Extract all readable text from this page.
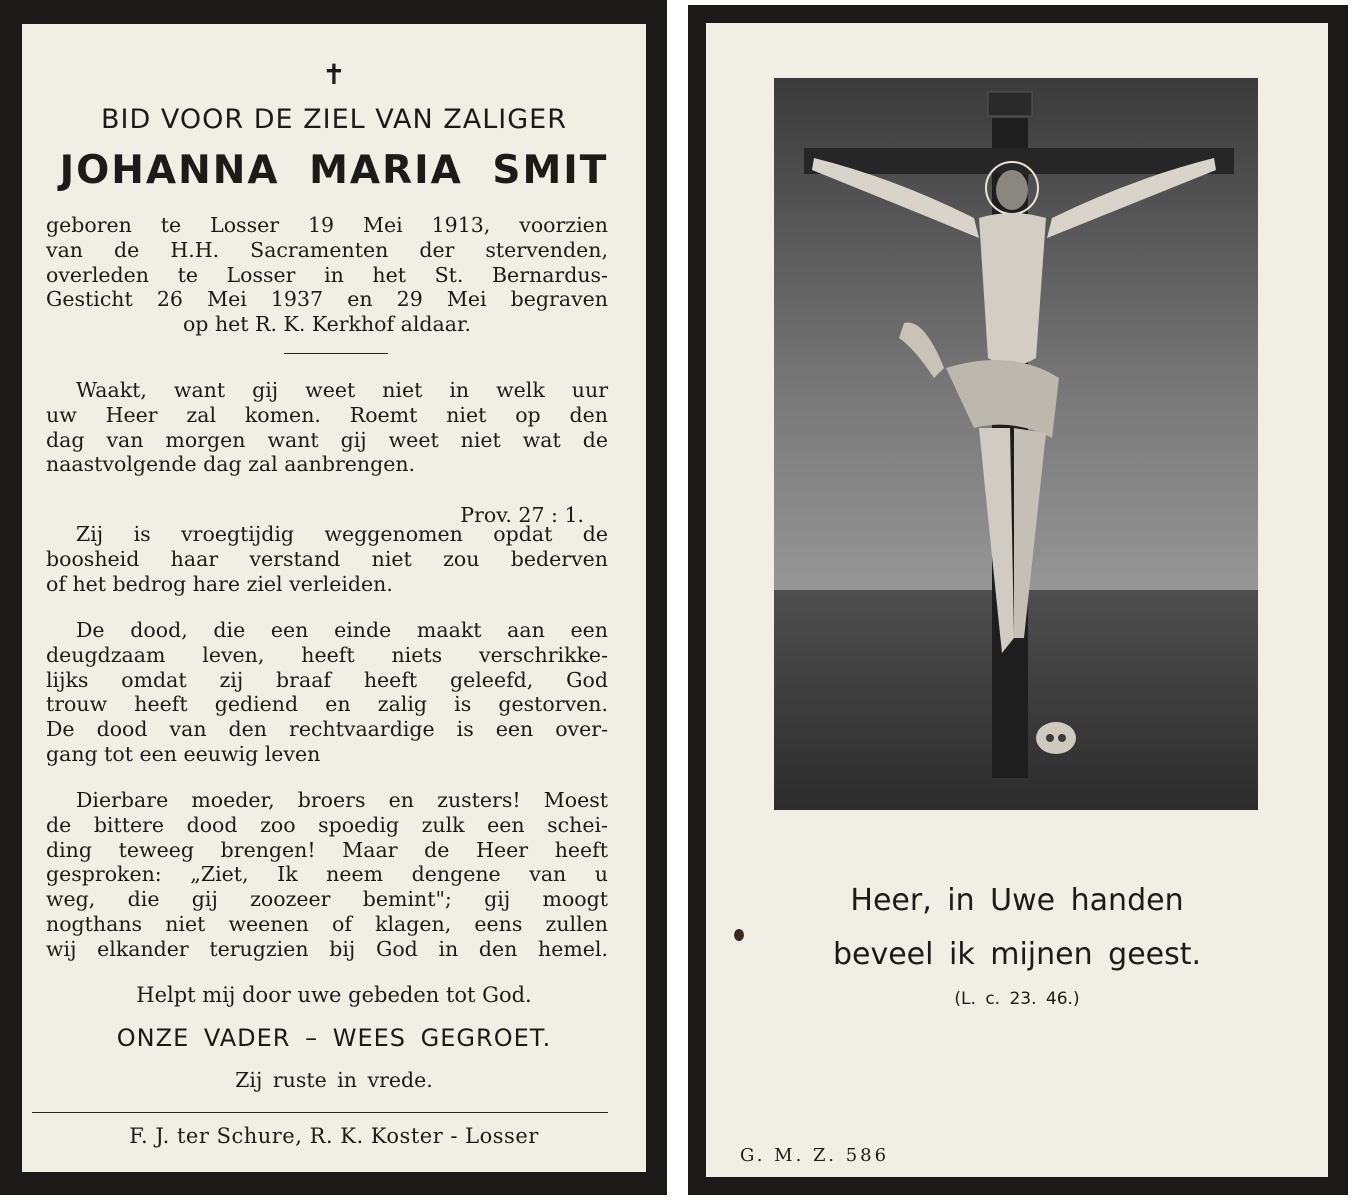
✝
BID VOOR DE ZIEL VAN ZALIGER
JOHANNA MARIA SMIT
geboren te Losser 19 Mei 1913, voorzien
van de H.H. Sacramenten der stervenden,
overleden te Losser in het St. Bernardus-
Gesticht 26 Mei 1937 en 29 Mei begraven
op het R. K. Kerkhof aldaar.
Waakt, want gij weet niet in welk uur
uw Heer zal komen. Roemt niet op den
dag van morgen want gij weet niet wat de
naastvolgende dag zal aanbrengen.
Prov. 27 : 1.
Zij is vroegtijdig weggenomen opdat de
boosheid haar verstand niet zou bederven
of het bedrog hare ziel verleiden.
De dood, die een einde maakt aan een
deugdzaam leven, heeft niets verschrikke-
lijks omdat zij braaf heeft geleefd, God
trouw heeft gediend en zalig is gestorven.
De dood van den rechtvaardige is een over-
gang tot een eeuwig leven
Dierbare moeder, broers en zusters! Moest
de bittere dood zoo spoedig zulk een schei-
ding teweeg brengen! Maar de Heer heeft
gesproken: „Ziet, Ik neem dengene van u
weg, die gij zoozeer bemint"; gij moogt
nogthans niet weenen of klagen, eens zullen
wij elkander terugzien bij God in den hemel.
Helpt mij door uwe gebeden tot God.
ONZE VADER – WEES GEGROET.
Zij ruste in vrede.
F. J. ter Schure, R. K. Koster - Losser
Heer, in Uwe handen
beveel ik mijnen geest.
(L. c. 23. 46.)
G. M. Z. 586
